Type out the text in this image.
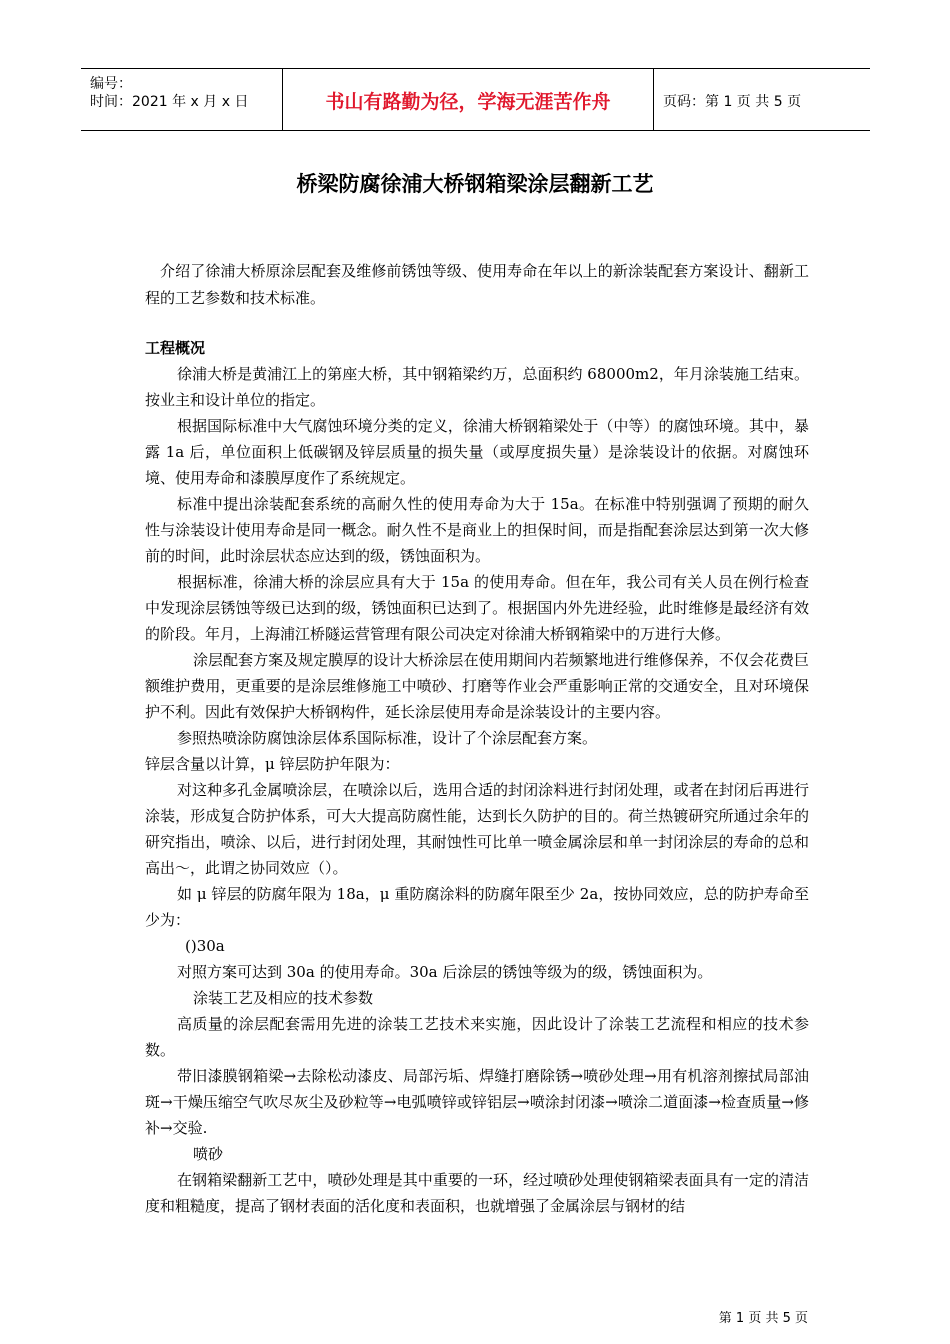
编号：
时间：2021 年 x 月 x 日	书山有路勤为径，学海无涯苦作舟	页码：第 1 页 共 5 页
桥梁防腐徐浦大桥钢箱梁涂层翻新工艺

介绍了徐浦大桥原涂层配套及维修前锈蚀等级、使用寿命在年以上的新涂装配套方案设计、翻新工程的工艺参数和技术标准。

工程概况

徐浦大桥是黄浦江上的第座大桥，其中钢箱梁约万，总面积约 68000m2，年月涂装施工结束。按业主和设计单位的指定。

根据国际标准中大气腐蚀环境分类的定义，徐浦大桥钢箱梁处于（中等）的腐蚀环境。其中，暴露 1a 后，单位面积上低碳钢及锌层质量的损失量（或厚度损失量）是涂装设计的依据。对腐蚀环境、使用寿命和漆膜厚度作了系统规定。

标准中提出涂装配套系统的高耐久性的使用寿命为大于 15a。在标准中特别强调了预期的耐久性与涂装设计使用寿命是同一概念。耐久性不是商业上的担保时间，而是指配套涂层达到第一次大修前的时间，此时涂层状态应达到的级，锈蚀面积为。

根据标准，徐浦大桥的涂层应具有大于 15a 的使用寿命。但在年，我公司有关人员在例行检查中发现涂层锈蚀等级已达到的级，锈蚀面积已达到了。根据国内外先进经验，此时维修是最经济有效的阶段。年月，上海浦江桥隧运营管理有限公司决定对徐浦大桥钢箱梁中的万进行大修。

涂层配套方案及规定膜厚的设计大桥涂层在使用期间内若频繁地进行维修保养，不仅会花费巨额维护费用，更重要的是涂层维修施工中喷砂、打磨等作业会严重影响正常的交通安全，且对环境保护不利。因此有效保护大桥钢构件，延长涂层使用寿命是涂装设计的主要内容。

参照热喷涂防腐蚀涂层体系国际标准，设计了个涂层配套方案。

锌层含量以计算，μ 锌层防护年限为：

对这种多孔金属喷涂层，在喷涂以后，选用合适的封闭涂料进行封闭处理，或者在封闭后再进行涂装，形成复合防护体系，可大大提高防腐性能，达到长久防护的目的。荷兰热镀研究所通过余年的研究指出，喷涂、以后，进行封闭处理，其耐蚀性可比单一喷金属涂层和单一封闭涂层的寿命的总和高出～，此谓之协同效应（）。

如 μ 锌层的防腐年限为 18a，μ 重防腐涂料的防腐年限至少 2a，按协同效应，总的防护寿命至少为：

()30a

对照方案可达到 30a 的使用寿命。30a 后涂层的锈蚀等级为的级，锈蚀面积为。

涂装工艺及相应的技术参数

高质量的涂层配套需用先进的涂装工艺技术来实施，因此设计了涂装工艺流程和相应的技术参数。

带旧漆膜钢箱梁→去除松动漆皮、局部污垢、焊缝打磨除锈→喷砂处理→用有机溶剂擦拭局部油斑→干燥压缩空气吹尽灰尘及砂粒等→电弧喷锌或锌铝层→喷涂封闭漆→喷涂二道面漆→检查质量→修补→交验.

喷砂

在钢箱梁翻新工艺中，喷砂处理是其中重要的一环，经过喷砂处理使钢箱梁表面具有一定的清洁度和粗糙度，提高了钢材表面的活化度和表面积，也就增强了金属涂层与钢材的结

第 1 页 共 5 页
